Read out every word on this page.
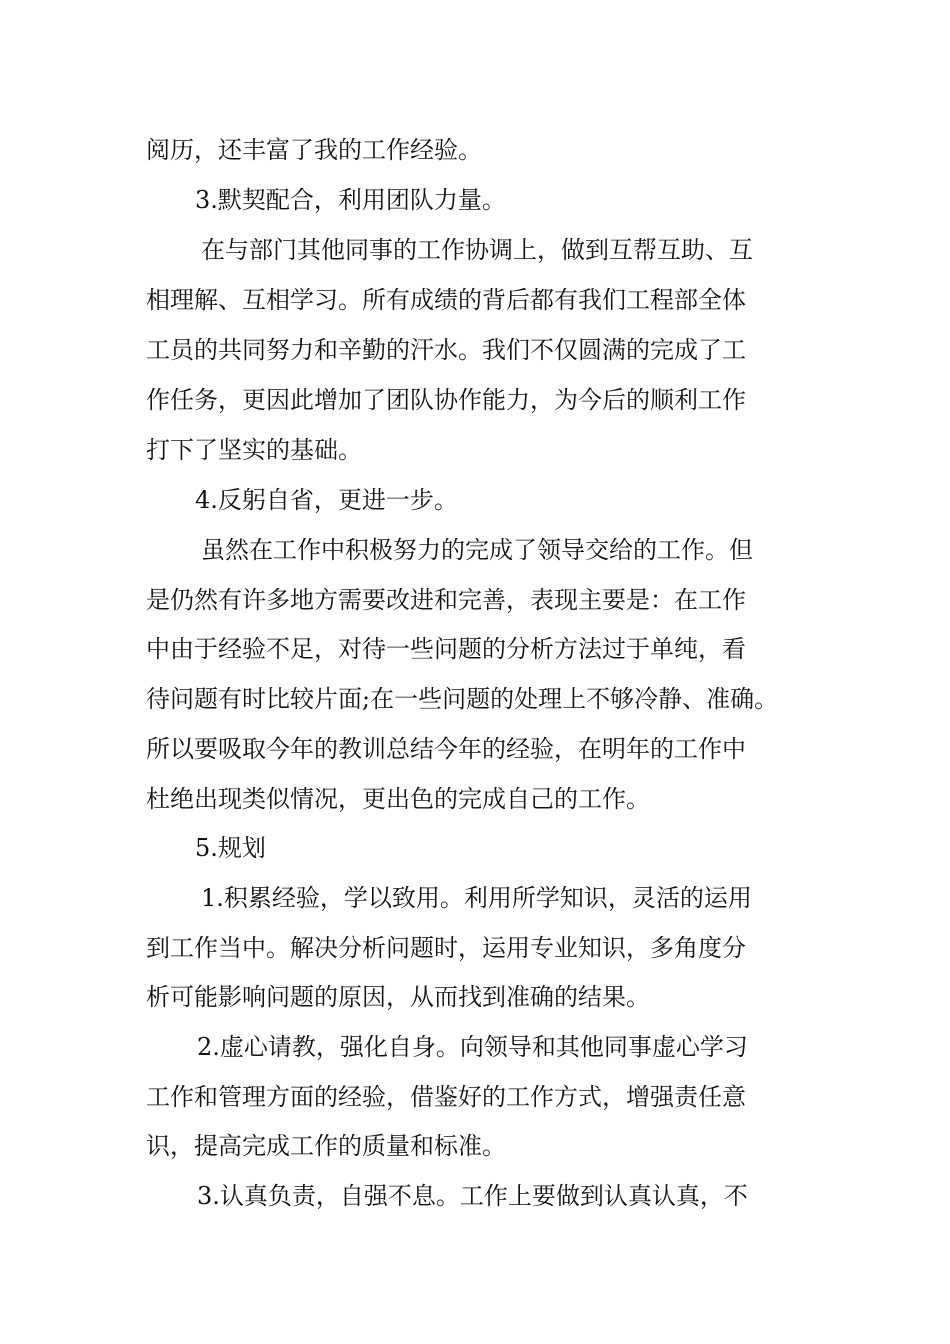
阅历，还丰富了我的工作经验。
3.默契配合，利用团队力量。
在与部门其他同事的工作协调上，做到互帮互助、互
相理解、互相学习。所有成绩的背后都有我们工程部全体
工员的共同努力和辛勤的汗水。我们不仅圆满的完成了工
作任务，更因此增加了团队协作能力，为今后的顺利工作
打下了坚实的基础。
4.反躬自省，更进一步。
虽然在工作中积极努力的完成了领导交给的工作。但
是仍然有许多地方需要改进和完善，表现主要是：在工作
中由于经验不足，对待一些问题的分析方法过于单纯，看
待问题有时比较片面;在一些问题的处理上不够冷静、准确。
所以要吸取今年的教训总结今年的经验，在明年的工作中
杜绝出现类似情况，更出色的完成自己的工作。
5.规划
1.积累经验，学以致用。利用所学知识，灵活的运用
到工作当中。解决分析问题时，运用专业知识，多角度分
析可能影响问题的原因，从而找到准确的结果。
2.虚心请教，强化自身。向领导和其他同事虚心学习
工作和管理方面的经验，借鉴好的工作方式，增强责任意
识，提高完成工作的质量和标准。
3.认真负责，自强不息。工作上要做到认真认真，不
